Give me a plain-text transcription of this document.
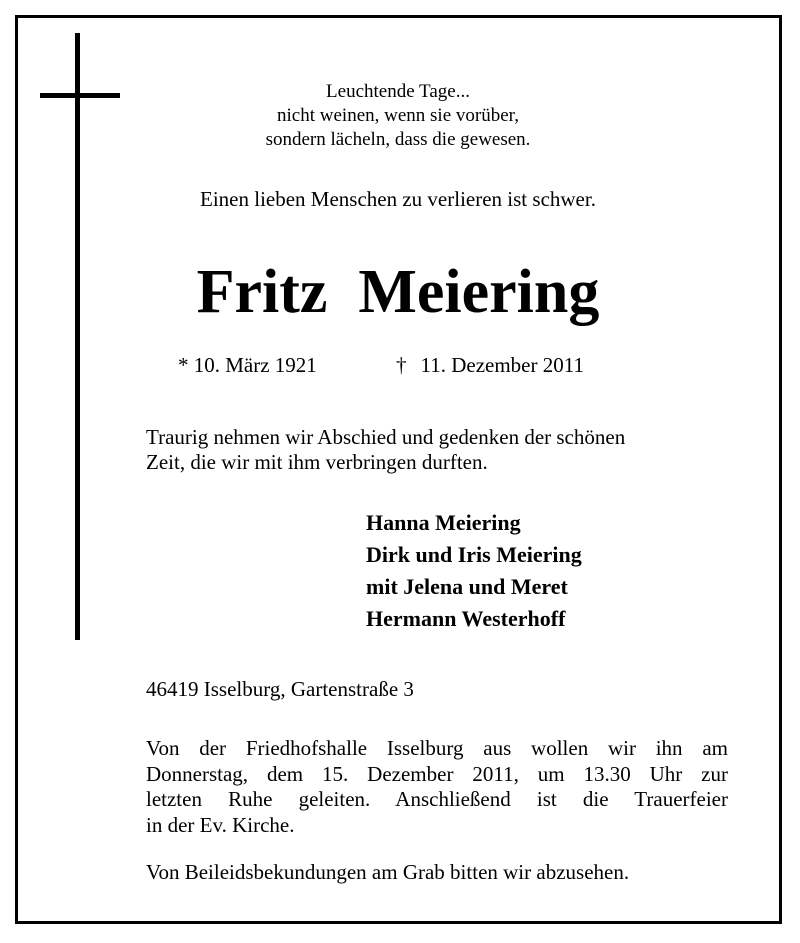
Leuchtende Tage...
nicht weinen, wenn sie vorüber,
sondern lächeln, dass die gewesen.
Einen lieben Menschen zu verlieren ist schwer.
Fritz  Meiering
* 10. März 1921	† 11. Dezember 2011
Traurig nehmen wir Abschied und gedenken der schönen
Zeit, die wir mit ihm verbringen durften.
Hanna Meiering
Dirk und Iris Meiering
mit Jelena und Meret
Hermann Westerhoff
46419 Isselburg, Gartenstraße 3
Von der Friedhofshalle Isselburg aus wollen wir ihn am
Donnerstag, dem 15. Dezember 2011, um 13.30 Uhr zur
letzten Ruhe geleiten. Anschließend ist die Trauerfeier
in der Ev. Kirche.
Von Beileidsbekundungen am Grab bitten wir abzusehen.
